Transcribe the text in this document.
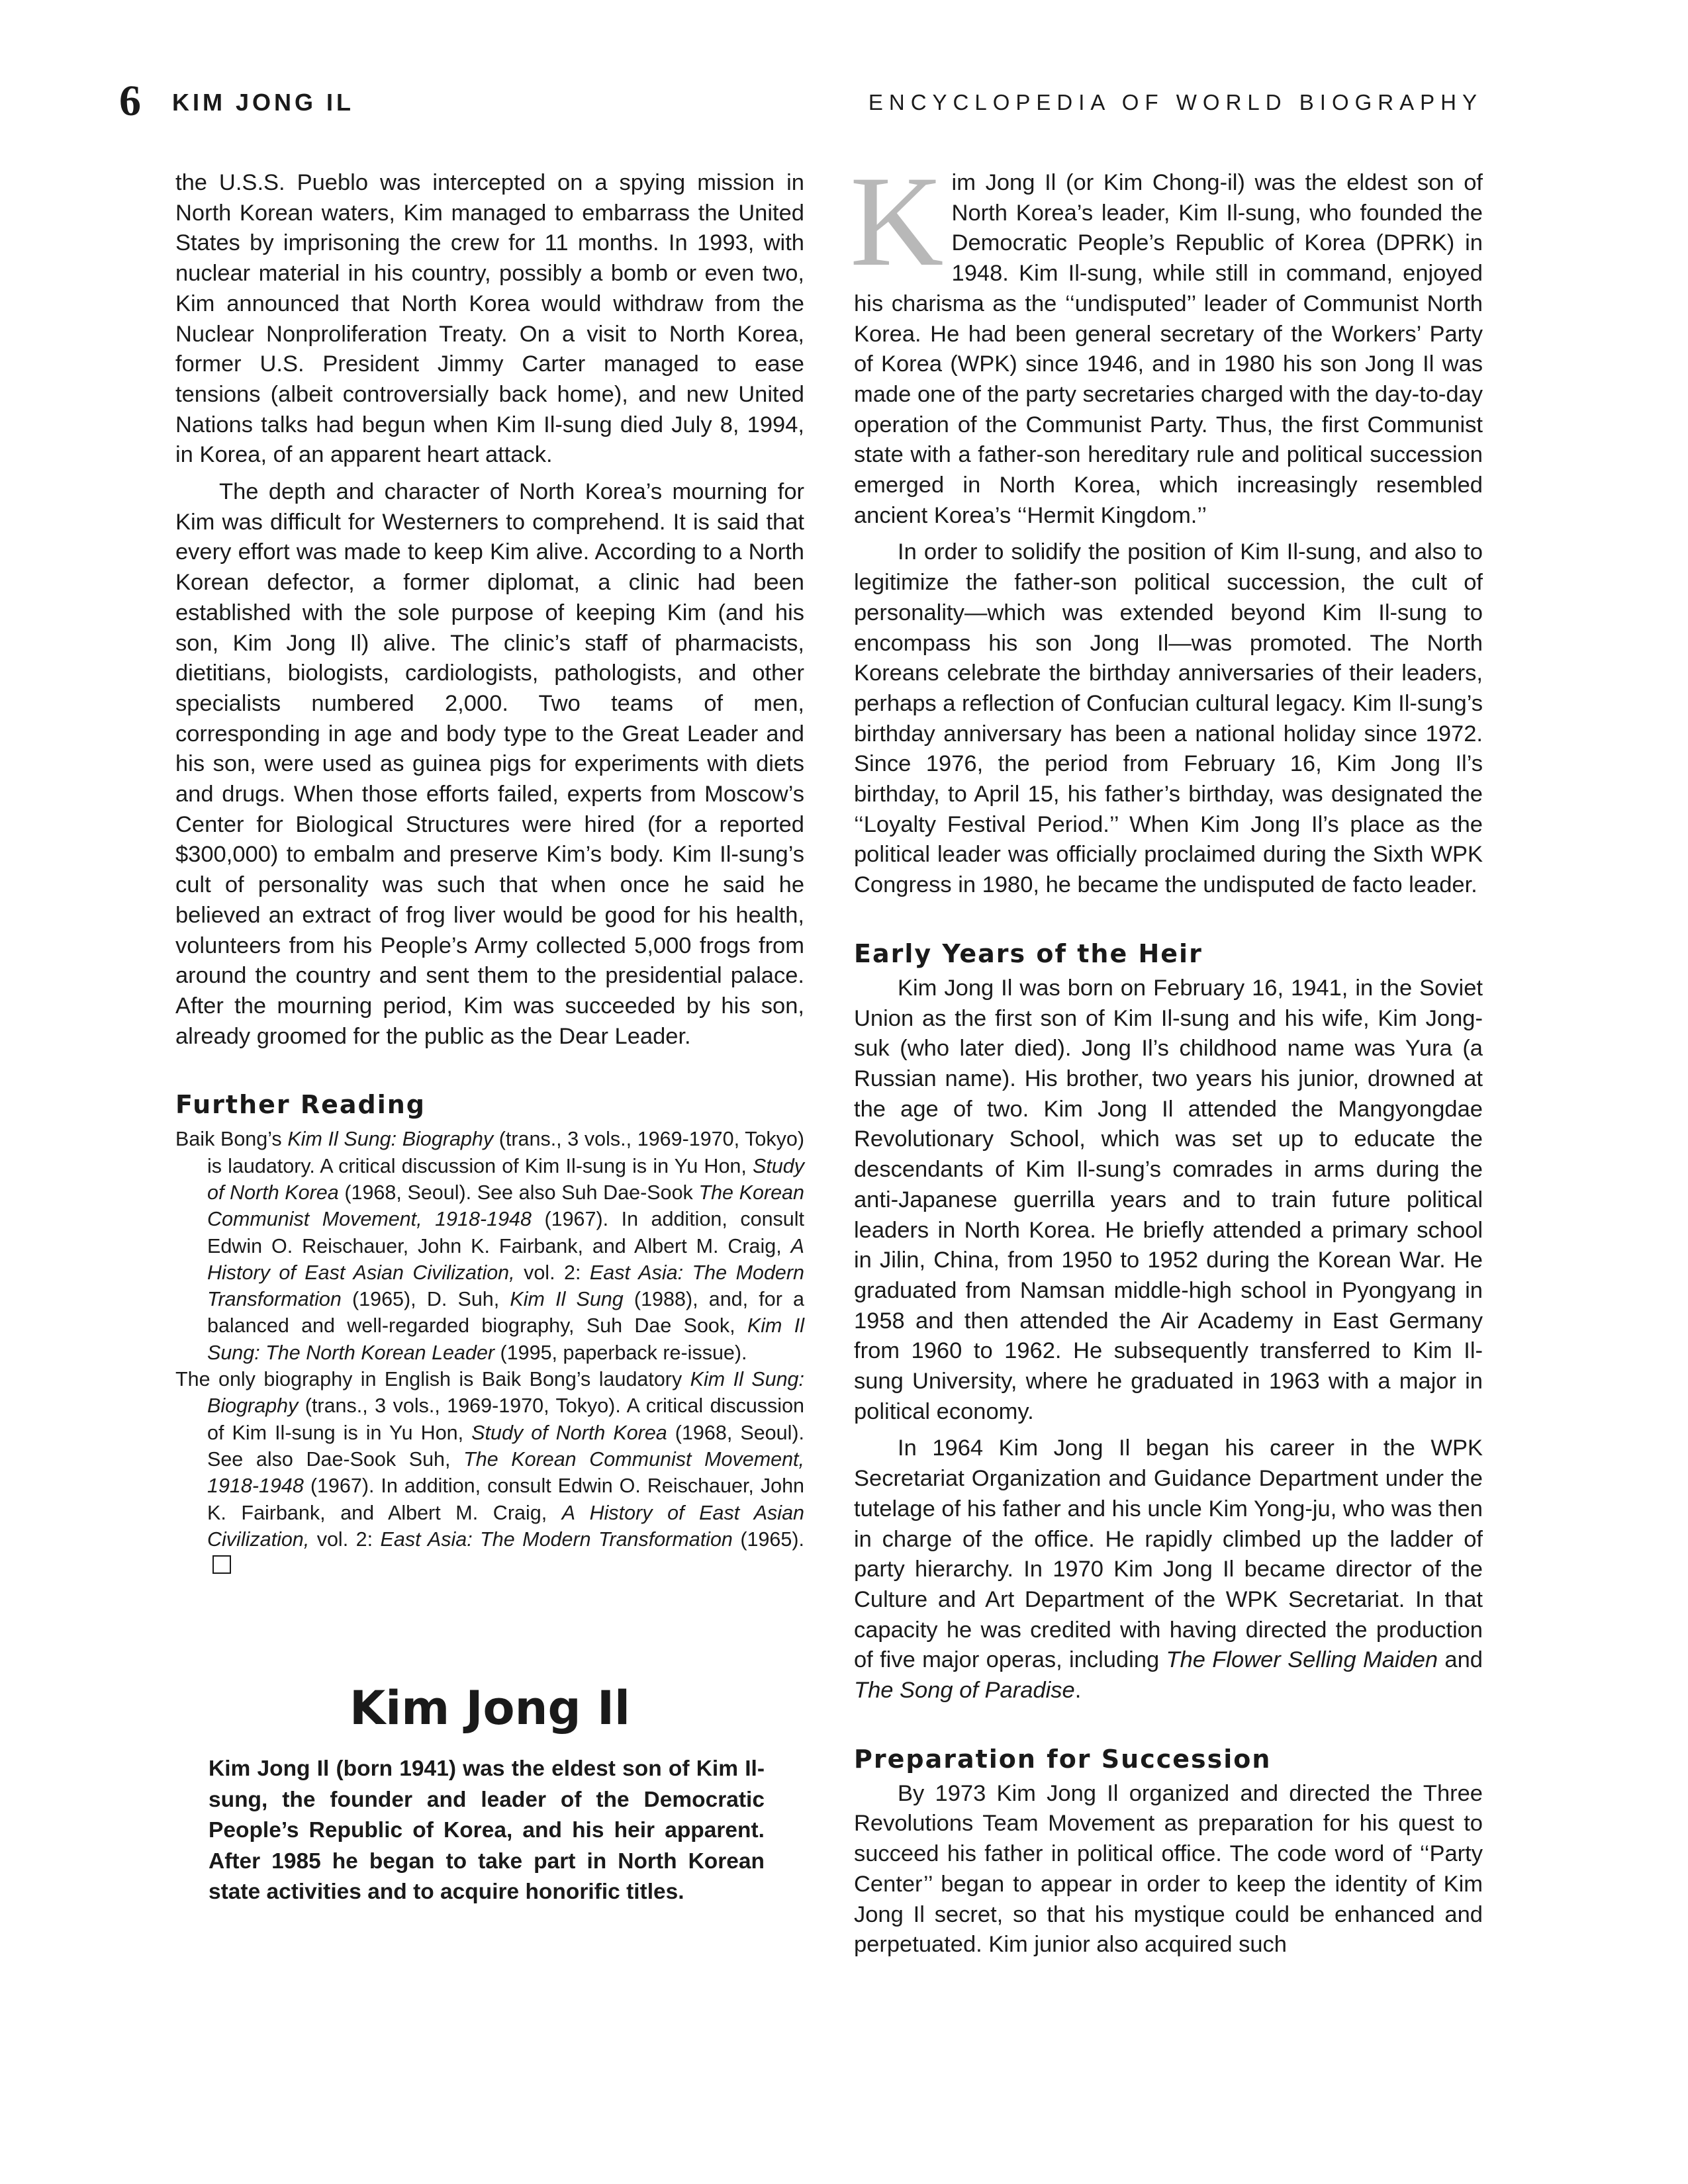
6 KIM JONG IL	ENCYCLOPEDIA OF WORLD BIOGRAPHY

the U.S.S. Pueblo was intercepted on a spying mission in North Korean waters, Kim managed to embarrass the United States by imprisoning the crew for 11 months. In 1993, with nuclear material in his country, possibly a bomb or even two, Kim announced that North Korea would withdraw from the Nuclear Nonproliferation Treaty. On a visit to North Korea, former U.S. President Jimmy Carter managed to ease tensions (albeit controversially back home), and new United Nations talks had begun when Kim Il-sung died July 8, 1994, in Korea, of an apparent heart attack.

The depth and character of North Korea’s mourning for Kim was difficult for Westerners to comprehend. It is said that every effort was made to keep Kim alive. According to a North Korean defector, a former diplomat, a clinic had been established with the sole purpose of keeping Kim (and his son, Kim Jong Il) alive. The clinic’s staff of pharmacists, dietitians, biologists, cardiologists, pathologists, and other specialists numbered 2,000. Two teams of men, corresponding in age and body type to the Great Leader and his son, were used as guinea pigs for experiments with diets and drugs. When those efforts failed, experts from Moscow’s Center for Biological Structures were hired (for a reported $300,000) to embalm and preserve Kim’s body. Kim Il-sung’s cult of personality was such that when once he said he believed an extract of frog liver would be good for his health, volunteers from his People’s Army collected 5,000 frogs from around the country and sent them to the presidential palace. After the mourning period, Kim was succeeded by his son, already groomed for the public as the Dear Leader.

Further Reading

Baik Bong’s Kim Il Sung: Biography (trans., 3 vols., 1969-1970, Tokyo) is laudatory. A critical discussion of Kim Il-sung is in Yu Hon, Study of North Korea (1968, Seoul). See also Suh Dae-Sook The Korean Communist Movement, 1918-1948 (1967). In addition, consult Edwin O. Reischauer, John K. Fairbank, and Albert M. Craig, A History of East Asian Civilization, vol. 2: East Asia: The Modern Transformation (1965), D. Suh, Kim Il Sung (1988), and, for a balanced and well-regarded biography, Suh Dae Sook, Kim Il Sung: The North Korean Leader (1995, paperback re-issue).

The only biography in English is Baik Bong’s laudatory Kim Il Sung: Biography (trans., 3 vols., 1969-1970, Tokyo). A critical discussion of Kim Il-sung is in Yu Hon, Study of North Korea (1968, Seoul). See also Dae-Sook Suh, The Korean Communist Movement, 1918-1948 (1967). In addition, consult Edwin O. Reischauer, John K. Fairbank, and Albert M. Craig, A History of East Asian Civilization, vol. 2: East Asia: The Modern Transformation (1965).

Kim Jong Il

Kim Jong Il (born 1941) was the eldest son of Kim Il-sung, the founder and leader of the Democratic People’s Republic of Korea, and his heir apparent. After 1985 he began to take part in North Korean state activities and to acquire honorific titles.

K im Jong Il (or Kim Chong-il) was the eldest son of North Korea’s leader, Kim Il-sung, who founded the Democratic People’s Republic of Korea (DPRK) in 1948. Kim Il-sung, while still in command, enjoyed his charisma as the ‘‘undisputed’’ leader of Communist North Korea. He had been general secretary of the Workers’ Party of Korea (WPK) since 1946, and in 1980 his son Jong Il was made one of the party secretaries charged with the day-to-day operation of the Communist Party. Thus, the first Communist state with a father-son hereditary rule and political succession emerged in North Korea, which increasingly resembled ancient Korea’s ‘‘Hermit Kingdom.’’

In order to solidify the position of Kim Il-sung, and also to legitimize the father-son political succession, the cult of personality—which was extended beyond Kim Il-sung to encompass his son Jong Il—was promoted. The North Koreans celebrate the birthday anniversaries of their leaders, perhaps a reflection of Confucian cultural legacy. Kim Il-sung’s birthday anniversary has been a national holiday since 1972. Since 1976, the period from February 16, Kim Jong Il’s birthday, to April 15, his father’s birthday, was designated the ‘‘Loyalty Festival Period.’’ When Kim Jong Il’s place as the political leader was officially proclaimed during the Sixth WPK Congress in 1980, he became the undisputed de facto leader.

Early Years of the Heir

Kim Jong Il was born on February 16, 1941, in the Soviet Union as the first son of Kim Il-sung and his wife, Kim Jong-suk (who later died). Jong Il’s childhood name was Yura (a Russian name). His brother, two years his junior, drowned at the age of two. Kim Jong Il attended the Mangyongdae Revolutionary School, which was set up to educate the descendants of Kim Il-sung’s comrades in arms during the anti-Japanese guerrilla years and to train future political leaders in North Korea. He briefly attended a primary school in Jilin, China, from 1950 to 1952 during the Korean War. He graduated from Namsan middle-high school in Pyongyang in 1958 and then attended the Air Academy in East Germany from 1960 to 1962. He subsequently transferred to Kim Il-sung University, where he graduated in 1963 with a major in political economy.

In 1964 Kim Jong Il began his career in the WPK Secretariat Organization and Guidance Department under the tutelage of his father and his uncle Kim Yong-ju, who was then in charge of the office. He rapidly climbed up the ladder of party hierarchy. In 1970 Kim Jong Il became director of the Culture and Art Department of the WPK Secretariat. In that capacity he was credited with having directed the production of five major operas, including The Flower Selling Maiden and The Song of Paradise.

Preparation for Succession

By 1973 Kim Jong Il organized and directed the Three Revolutions Team Movement as preparation for his quest to succeed his father in political office. The code word of ‘‘Party Center’’ began to appear in order to keep the identity of Kim Jong Il secret, so that his mystique could be enhanced and perpetuated. Kim junior also acquired such
